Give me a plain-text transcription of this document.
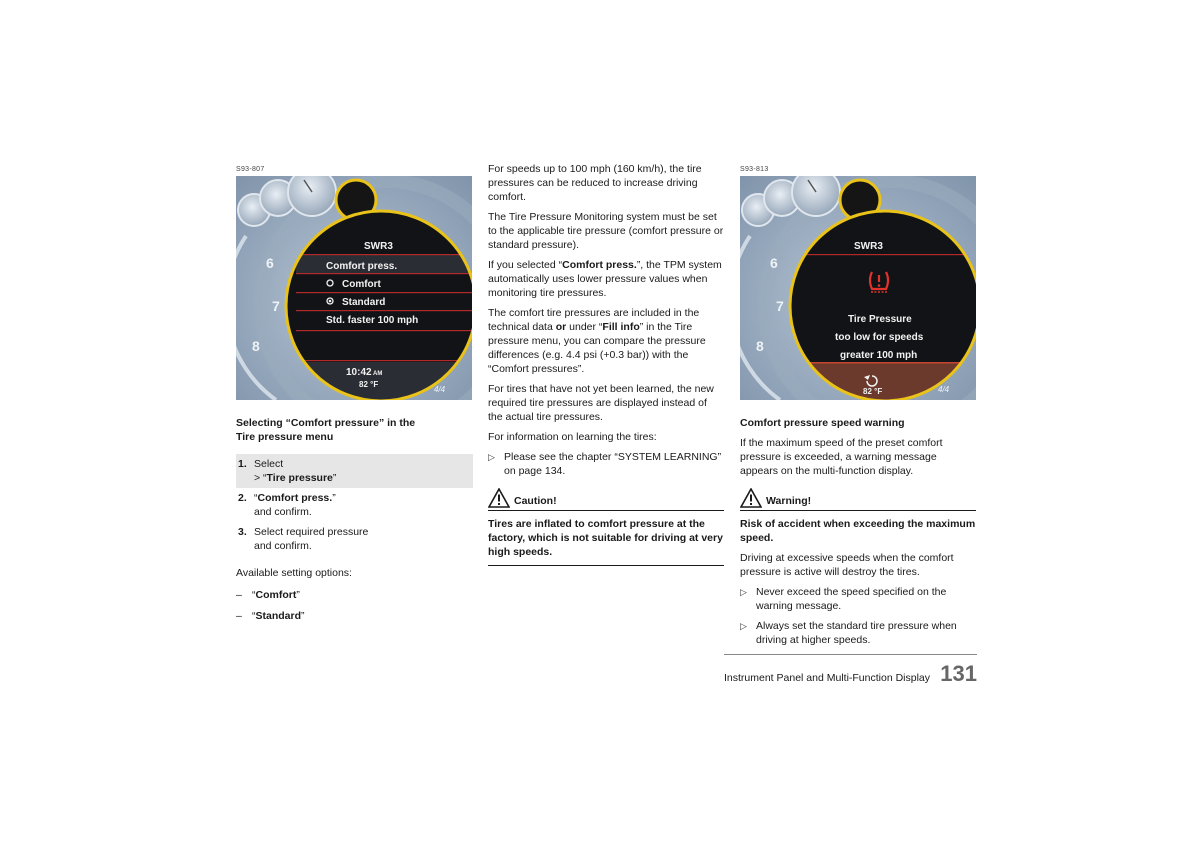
S93-807
6
7
8
SWR3
Comfort press.
Comfort
Standard
Std. faster 100 mph
10:42 AM
82 °F
4/4
S93-813
6
7
8
SWR3
Tire Pressure
too low for speeds
greater 100 mph
82 °F	4/4
Selecting “Comfort pressure” in the
Tire pressure menu
1. Select
> “Tire pressure”
2. “Comfort press.”
and confirm.
3. Select required pressure
and confirm.

Available setting options:

– “Comfort”
– “Standard”

For speeds up to 100 mph (160 km/h), the tire pressures can be reduced to increase driving comfort.

The Tire Pressure Monitoring system must be set to the applicable tire pressure (comfort pressure or standard pressure).

If you selected “Comfort press.”, the TPM system automatically uses lower pressure values when monitoring tire pressures.

The comfort tire pressures are included in the technical data or under “Fill info” in the Tire pressure menu, you can compare the pressure differences (e.g. 4.4 psi (+0.3 bar)) with the “Comfort pressures”.

For tires that have not yet been learned, the new required tire pressures are displayed instead of the actual tire pressures.

For information on learning the tires:

▷ Please see the chapter “SYSTEM LEARNING” on page 134.
Caution!
Tires are inflated to comfort pressure at the factory, which is not suitable for driving at very high speeds.
Comfort pressure speed warning

If the maximum speed of the preset comfort pressure is exceeded, a warning message appears on the multi-function display.

Warning!
Risk of accident when exceeding the maximum speed.

Driving at excessive speeds when the comfort pressure is active will destroy the tires.

▷ Never exceed the speed specified on the warning message.
▷ Always set the standard tire pressure when driving at higher speeds.
Instrument Panel and Multi-Function Display 131
